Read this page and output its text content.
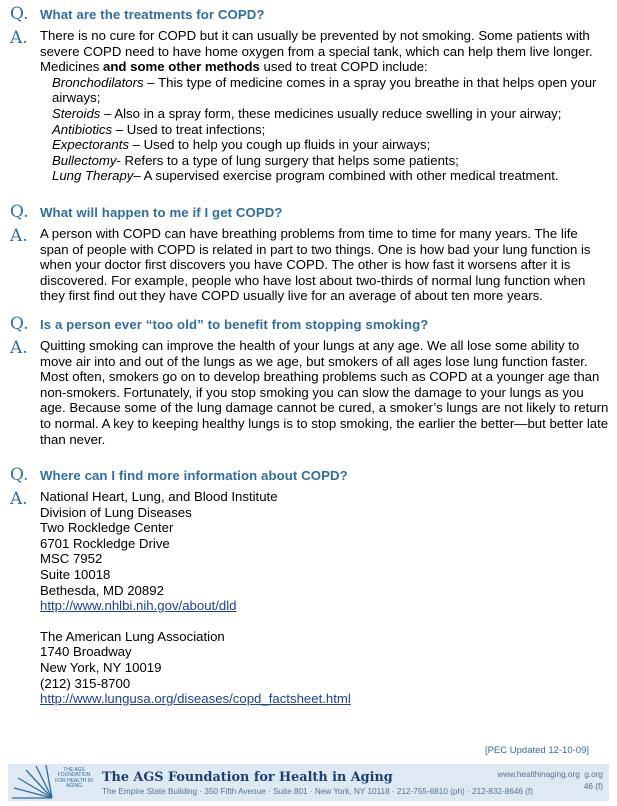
Q. What are the treatments for COPD?
A. There is no cure for COPD but it can usually be prevented by not smoking. Some patients with severe COPD need to have home oxygen from a special tank, which can help them live longer. Medicines and some other methods used to treat COPD include:

Bronchodilators – This type of medicine comes in a spray you breathe in that helps open your airways;

Steroids – Also in a spray form, these medicines usually reduce swelling in your airway;

Antibiotics – Used to treat infections;

Expectorants – Used to help you cough up fluids in your airways;

Bullectomy- Refers to a type of lung surgery that helps some patients;

Lung Therapy– A supervised exercise program combined with other medical treatment.

Q. What will happen to me if I get COPD?
A. A person with COPD can have breathing problems from time to time for many years. The life span of people with COPD is related in part to two things. One is how bad your lung function is when your doctor first discovers you have COPD. The other is how fast it worsens after it is discovered. For example, people who have lost about two-thirds of normal lung function when they first find out they have COPD usually live for an average of about ten more years.
Q. Is a person ever “too old” to benefit from stopping smoking?
A. Quitting smoking can improve the health of your lungs at any age. We all lose some ability to move air into and out of the lungs as we age, but smokers of all ages lose lung function faster. Most often, smokers go on to develop breathing problems such as COPD at a younger age than non-smokers. Fortunately, if you stop smoking you can slow the damage to your lungs as you age. Because some of the lung damage cannot be cured, a smoker’s lungs are not likely to return to normal. A key to keeping healthy lungs is to stop smoking, the earlier the better—but better late than never.
Q. Where can I find more information about COPD?
A. National Heart, Lung, and Blood Institute

Division of Lung Diseases

Two Rockledge Center

6701 Rockledge Drive

MSC 7952

Suite 10018

Bethesda, MD 20892

http://www.nhlbi.nih.gov/about/dld

The American Lung Association

1740 Broadway

New York, NY 10019

(212) 315-8700

http://www.lungusa.org/diseases/copd_factsheet.html

[PEC Updated 12-10-09]
THE AGS FOUNDATION FOR HEALTH IN AGING
The AGS Foundation for Health in Aging
The Empire State Building · 350 Fifth Avenue · Suite 801 · New York, NY 10118 · 212-755-6810 (ph) · 212-832-8646 (f)
www.healthinaging.org g.org
46 (f)
